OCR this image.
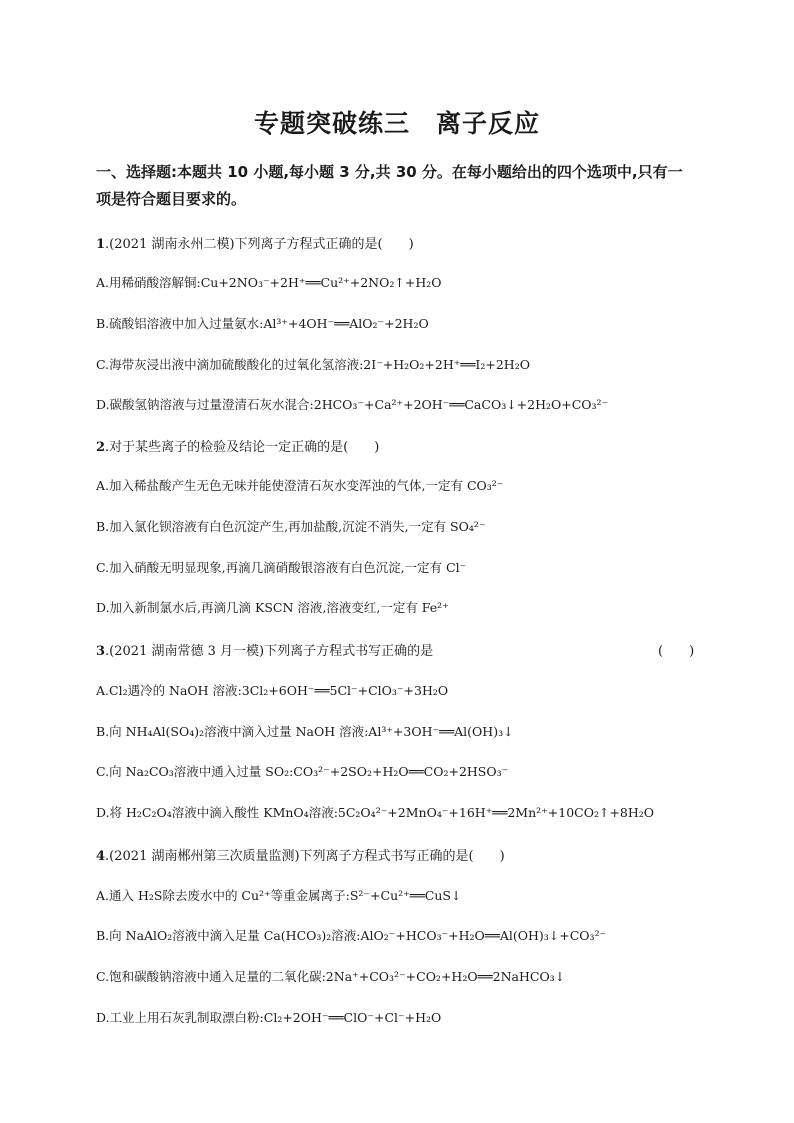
专题突破练三　离子反应
一、选择题:本题共 10 小题,每小题 3 分,共 30 分。在每小题给出的四个选项中,只有一
项是符合题目要求的。
1.(2021 湖南永州二模)下列离子方程式正确的是(　　)
A.用稀硝酸溶解铜:Cu+2NO₃⁻+2H⁺══Cu²⁺+2NO₂↑+H₂O
B.硫酸铝溶液中加入过量氨水:Al³⁺+4OH⁻══AlO₂⁻+2H₂O
C.海带灰浸出液中滴加硫酸酸化的过氧化氢溶液:2I⁻+H₂O₂+2H⁺══I₂+2H₂O
D.碳酸氢钠溶液与过量澄清石灰水混合:2HCO₃⁻+Ca²⁺+2OH⁻══CaCO₃↓+2H₂O+CO₃²⁻
2.对于某些离子的检验及结论一定正确的是(　　)
A.加入稀盐酸产生无色无味并能使澄清石灰水变浑浊的气体,一定有 CO₃²⁻
B.加入氯化钡溶液有白色沉淀产生,再加盐酸,沉淀不消失,一定有 SO₄²⁻
C.加入硝酸无明显现象,再滴几滴硝酸银溶液有白色沉淀,一定有 Cl⁻
D.加入新制氯水后,再滴几滴 KSCN 溶液,溶液变红,一定有 Fe²⁺
3.(2021 湖南常德 3 月一模)下列离子方程式书写正确的是	(　　)
A.Cl₂遇冷的 NaOH 溶液:3Cl₂+6OH⁻══5Cl⁻+ClO₃⁻+3H₂O
B.向 NH₄Al(SO₄)₂溶液中滴入过量 NaOH 溶液:Al³⁺+3OH⁻══Al(OH)₃↓
C.向 Na₂CO₃溶液中通入过量 SO₂:CO₃²⁻+2SO₂+H₂O══CO₂+2HSO₃⁻
D.将 H₂C₂O₄溶液中滴入酸性 KMnO₄溶液:5C₂O₄²⁻+2MnO₄⁻+16H⁺══2Mn²⁺+10CO₂↑+8H₂O
4.(2021 湖南郴州第三次质量监测)下列离子方程式书写正确的是(　　)
A.通入 H₂S除去废水中的 Cu²⁺等重金属离子:S²⁻+Cu²⁺══CuS↓
B.向 NaAlO₂溶液中滴入足量 Ca(HCO₃)₂溶液:AlO₂⁻+HCO₃⁻+H₂O══Al(OH)₃↓+CO₃²⁻
C.饱和碳酸钠溶液中通入足量的二氧化碳:2Na⁺+CO₃²⁻+CO₂+H₂O══2NaHCO₃↓
D.工业上用石灰乳制取漂白粉:Cl₂+2OH⁻══ClO⁻+Cl⁻+H₂O
